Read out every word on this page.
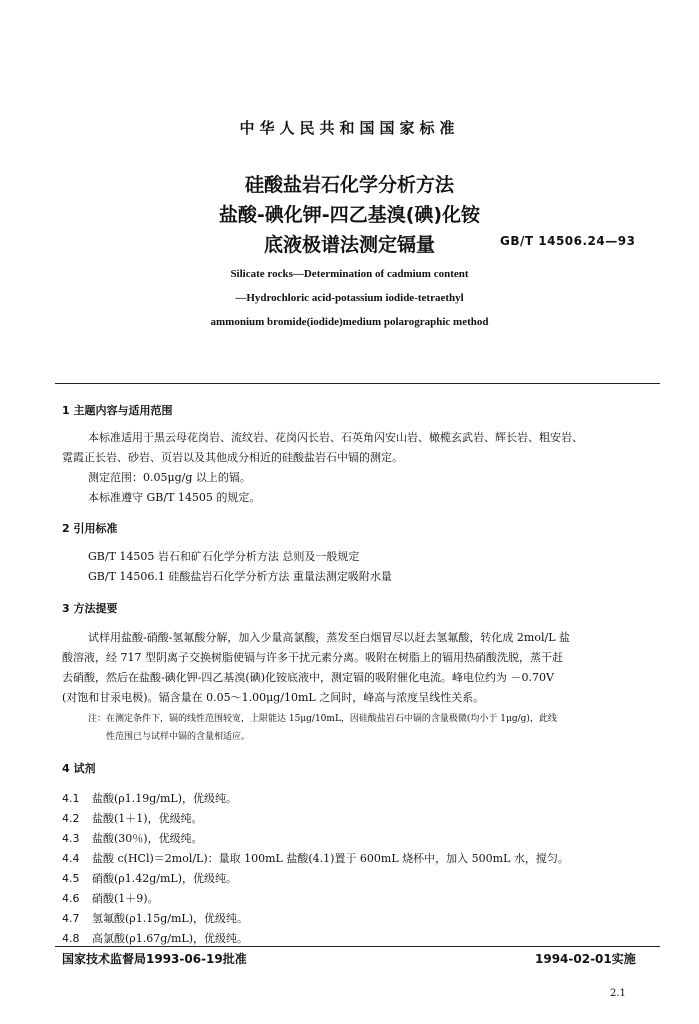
中华人民共和国国家标准
硅酸盐岩石化学分析方法
盐酸-碘化钾-四乙基溴(碘)化铵
底液极谱法测定镉量	GB/T 14506.24—93
Silicate rocks—Determination of cadmium content
—Hydrochloric acid-potassium iodide-tetraethyl
ammonium bromide(iodide)medium polarographic method
1 主题内容与适用范围
本标准适用于黑云母花岗岩、流纹岩、花岗闪长岩、石英角闪安山岩、橄榄玄武岩、辉长岩、粗安岩、
霓霞正长岩、砂岩、页岩以及其他成分相近的硅酸盐岩石中镉的测定。
测定范围：0.05μg/g 以上的镉。
本标准遵守 GB/T 14505 的规定。
2 引用标准
GB/T 14505 岩石和矿石化学分析方法 总则及一般规定
GB/T 14506.1 硅酸盐岩石化学分析方法 重量法测定吸附水量
3 方法提要
试样用盐酸-硝酸-氢氟酸分解，加入少量高氯酸，蒸发至白烟冒尽以赶去氢氟酸，转化成 2mol/L 盐
酸溶液，经 717 型阴离子交换树脂使镉与许多干扰元素分离。吸附在树脂上的镉用热硝酸洗脱，蒸干赶
去硝酸，然后在盐酸-碘化钾-四乙基溴(碘)化铵底液中，测定镉的吸附催化电流。峰电位约为 －0.70V
(对饱和甘汞电极)。镉含量在 0.05～1.00μg/10mL 之间时，峰高与浓度呈线性关系。
注：在测定条件下，镉的线性范围较宽，上限能达 15μg/10mL，因硅酸盐岩石中镉的含量极微(均小于 1μg/g)，此线
性范围已与试样中镉的含量相适应。
4 试剂
4.1 盐酸(ρ1.19g/mL)，优级纯。
4.2 盐酸(1＋1)，优级纯。
4.3 盐酸(30％)，优级纯。
4.4 盐酸 c(HCl)＝2mol/L)：量取 100mL 盐酸(4.1)置于 600mL 烧杯中，加入 500mL 水，搅匀。
4.5 硝酸(ρ1.42g/mL)，优级纯。
4.6 硝酸(1＋9)。
4.7 氢氟酸(ρ1.15g/mL)，优级纯。
4.8 高氯酸(ρ1.67g/mL)，优级纯。
国家技术监督局1993-06-19批准	1994-02-01实施
2.1
